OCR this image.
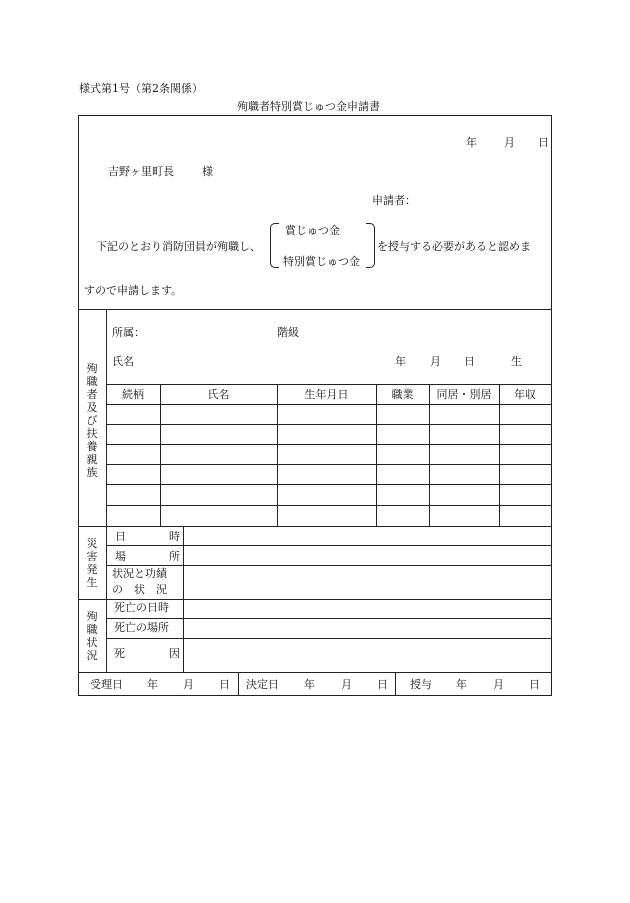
様式第1号（第2条関係）
殉職者特別賞じゅつ金申請書
年 月 日
吉野ヶ里町長	様
申請者：
下記のとおり消防団員が殉職し、
賞じゅつ金
特別賞じゅつ金
を授与する必要があると認めま
すので申請します。
殉職者及び扶養親族
所属：	階級
氏名	年 月 日	生
続柄	氏名	生年月日	職業	同居・別居	年収
災害発生
日	時
場	所
状況と功績
の　状　況
殉職状況
死亡の日時
死亡の場所
死	因
受理日 年 月 日 決定日 年 月 日 授与 年 月 日
